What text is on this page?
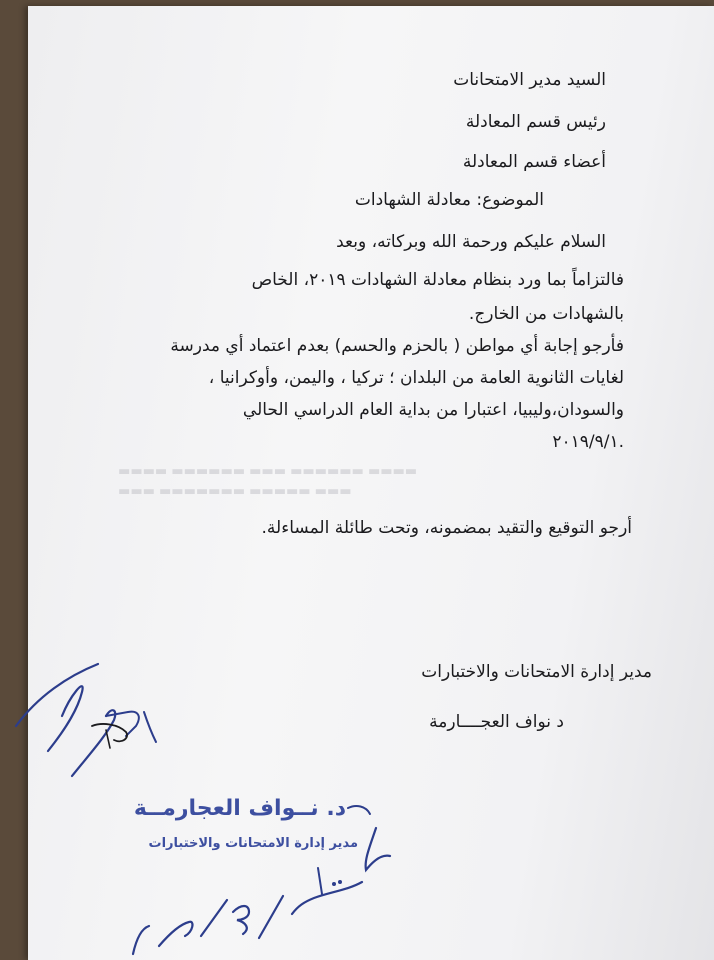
▬▬▬▬ ▬▬▬▬▬▬ ▬▬▬ ▬▬▬▬▬▬ ▬▬▬▬
▬▬▬ ▬▬▬▬▬ ▬▬▬▬▬▬▬ ▬▬▬
السيد مدير الامتحانات
رئيس قسم المعادلة
أعضاء قسم المعادلة
الموضوع: معادلة الشهادات
السلام عليكم ورحمة الله وبركاته، وبعد
فالتزاماً بما ورد بنظام معادلة الشهادات ٢٠١٩، الخاص
بالشهادات من الخارج.
فأرجو إجابة أي مواطن ( بالحزم والحسم) بعدم اعتماد أي مدرسة
لغايات الثانوية العامة من البلدان ؛ تركيا ، واليمن، وأوكرانيا ،
والسودان،وليبيا، اعتبارا من بداية العام الدراسي الحالي
٢٠١٩/٩/١.
أرجو التوقيع والتقيد بمضمونه، وتحت طائلة المساءلة.
مدير إدارة الامتحانات والاختبارات
د نواف العجــــارمة
د. نــواف العجارمــة
مدير إدارة الامتحانات والاختبارات
